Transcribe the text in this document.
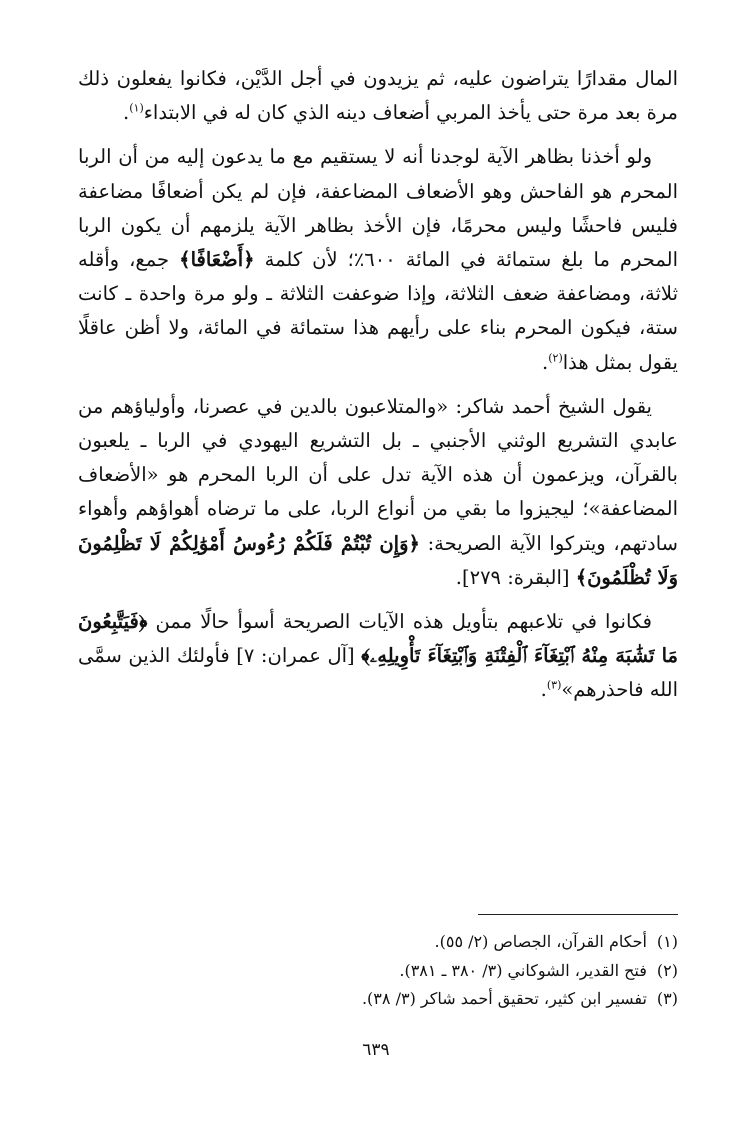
المال مقدارًا يتراضون عليه، ثم يزيدون في أجل الدَّيْن، فكانوا يفعلون ذلك مرة بعد مرة حتى يأخذ المربي أضعاف دينه الذي كان له في الابتداء$^{(١)}$.

ولو أخذنا بظاهر الآية لوجدنا أنه لا يستقيم مع ما يدعون إليه من أن الربا المحرم هو الفاحش وهو الأضعاف المضاعفة، فإن لم يكن أضعافًا مضاعفة فليس فاحشًا وليس محرمًا، فإن الأخذ بظاهر الآية يلزمهم أن يكون الربا المحرم ما بلغ ستمائة في المائة ٦٠٠٪؛ لأن كلمة ﴿أَضْعَافًا﴾ جمع، وأقله ثلاثة، ومضاعفة ضعف الثلاثة، وإذا ضوعفت الثلاثة ـ ولو مرة واحدة ـ كانت ستة، فيكون المحرم بناء على رأيهم هذا ستمائة في المائة، ولا أظن عاقلًا يقول بمثل هذا$^{(٢)}$.

يقول الشيخ أحمد شاكر: «والمتلاعبون بالدين في عصرنا، وأولياؤهم من عابدي التشريع الوثني الأجنبي ـ بل التشريع اليهودي في الربا ـ يلعبون بالقرآن، ويزعمون أن هذه الآية تدل على أن الربا المحرم هو «الأضعاف المضاعفة»؛ ليجيزوا ما بقي من أنواع الربا، على ما ترضاه أهواؤهم وأهواء سادتهم، ويتركوا الآية الصريحة: ﴿وَإِن تُبْتُمْ فَلَكُمْ رُءُوسُ أَمْوَٰلِكُمْ لَا تَظْلِمُونَ وَلَا تُظْلَمُونَ﴾ [البقرة: ٢٧٩].

فكانوا في تلاعبهم بتأويل هذه الآيات الصريحة أسوأ حالًا ممن ﴿فَيَتَّبِعُونَ مَا تَشَٰبَهَ مِنْهُ ٱبْتِغَآءَ ٱلْفِتْنَةِ وَٱبْتِغَآءَ تَأْوِيلِهِۦ﴾ [آل عمران: ٧] فأولئك الذين سمَّى الله فاحذرهم»$^{(٣)}$.

(١)أحكام القرآن، الجصاص (٢/ ٥٥).
(٢)فتح القدير، الشوكاني (٣/ ٣٨٠ ـ ٣٨١).
(٣)تفسير ابن كثير، تحقيق أحمد شاكر (٣/ ٣٨).
٦٣٩
